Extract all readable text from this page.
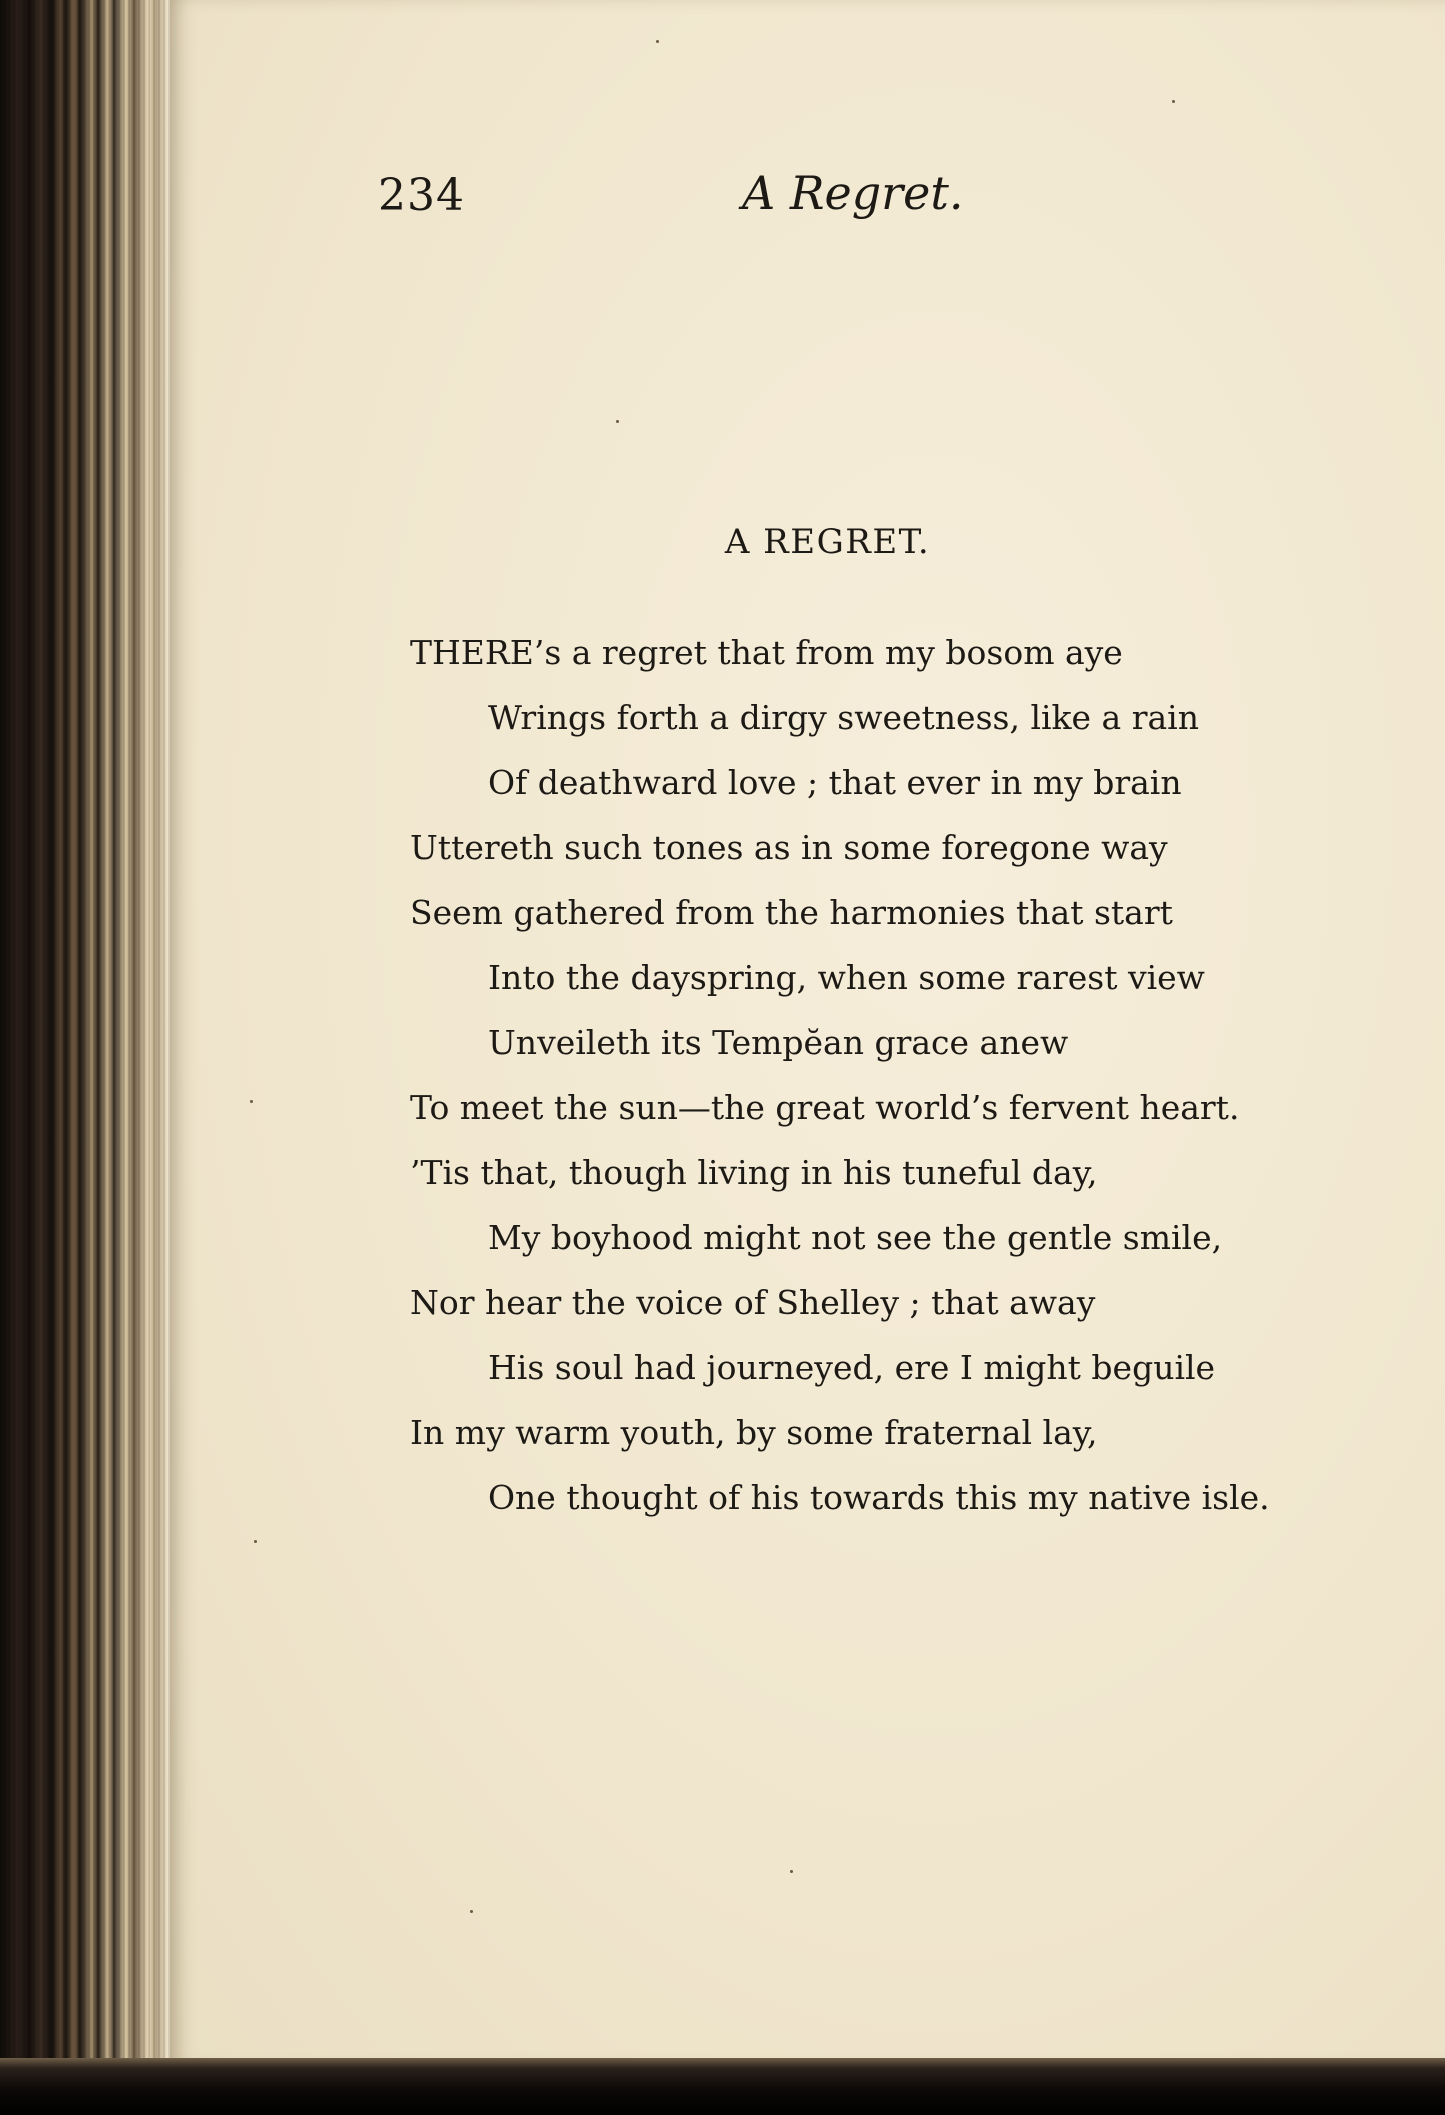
234	A Regret.
A REGRET.
THERE’s a regret that from my bosom aye
Wrings forth a dirgy sweetness, like a rain
Of deathward love ; that ever in my brain
Uttereth such tones as in some foregone way
Seem gathered from the harmonies that start
Into the dayspring, when some rarest view
Unveileth its Tempĕan grace anew
To meet the sun—the great world’s fervent heart.
’Tis that, though living in his tuneful day,
My boyhood might not see the gentle smile,
Nor hear the voice of Shelley ; that away
His soul had journeyed, ere I might beguile
In my warm youth, by some fraternal lay,
One thought of his towards this my native isle.
